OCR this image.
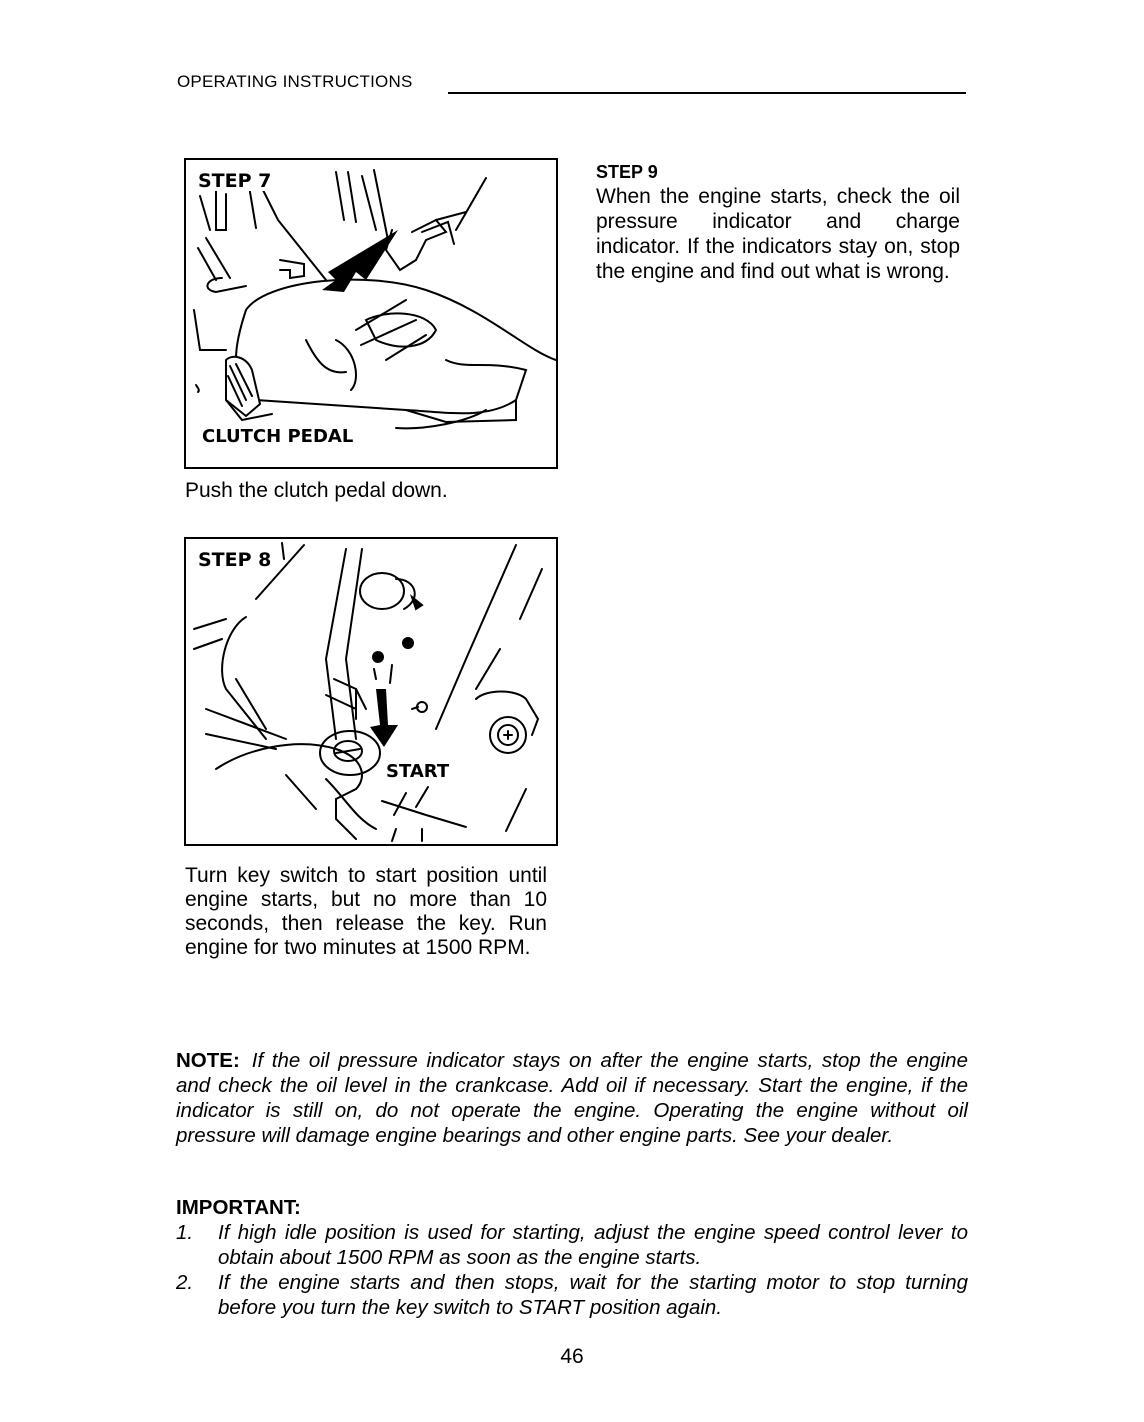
OPERATING INSTRUCTIONS
STEP 7
CLUTCH PEDAL
Push the clutch pedal down.
STEP 8
START
Turn key switch to start position until engine starts, but no more than 10 seconds, then release the key. Run engine for two minutes at 1500 RPM.
STEP 9
When the engine starts, check the oil pressure indicator and charge indicator. If the indicators stay on, stop the engine and find out what is wrong.
NOTE: If the oil pressure indicator stays on after the engine starts, stop the engine and check the oil level in the crankcase. Add oil if necessary. Start the engine, if the indicator is still on, do not operate the engine. Operating the engine without oil pressure will damage engine bearings and other engine parts. See your dealer.
IMPORTANT:
1. If high idle position is used for starting, adjust the engine speed control lever to obtain about 1500 RPM as soon as the engine starts.
2. If the engine starts and then stops, wait for the starting motor to stop turning before you turn the key switch to START position again.
46
